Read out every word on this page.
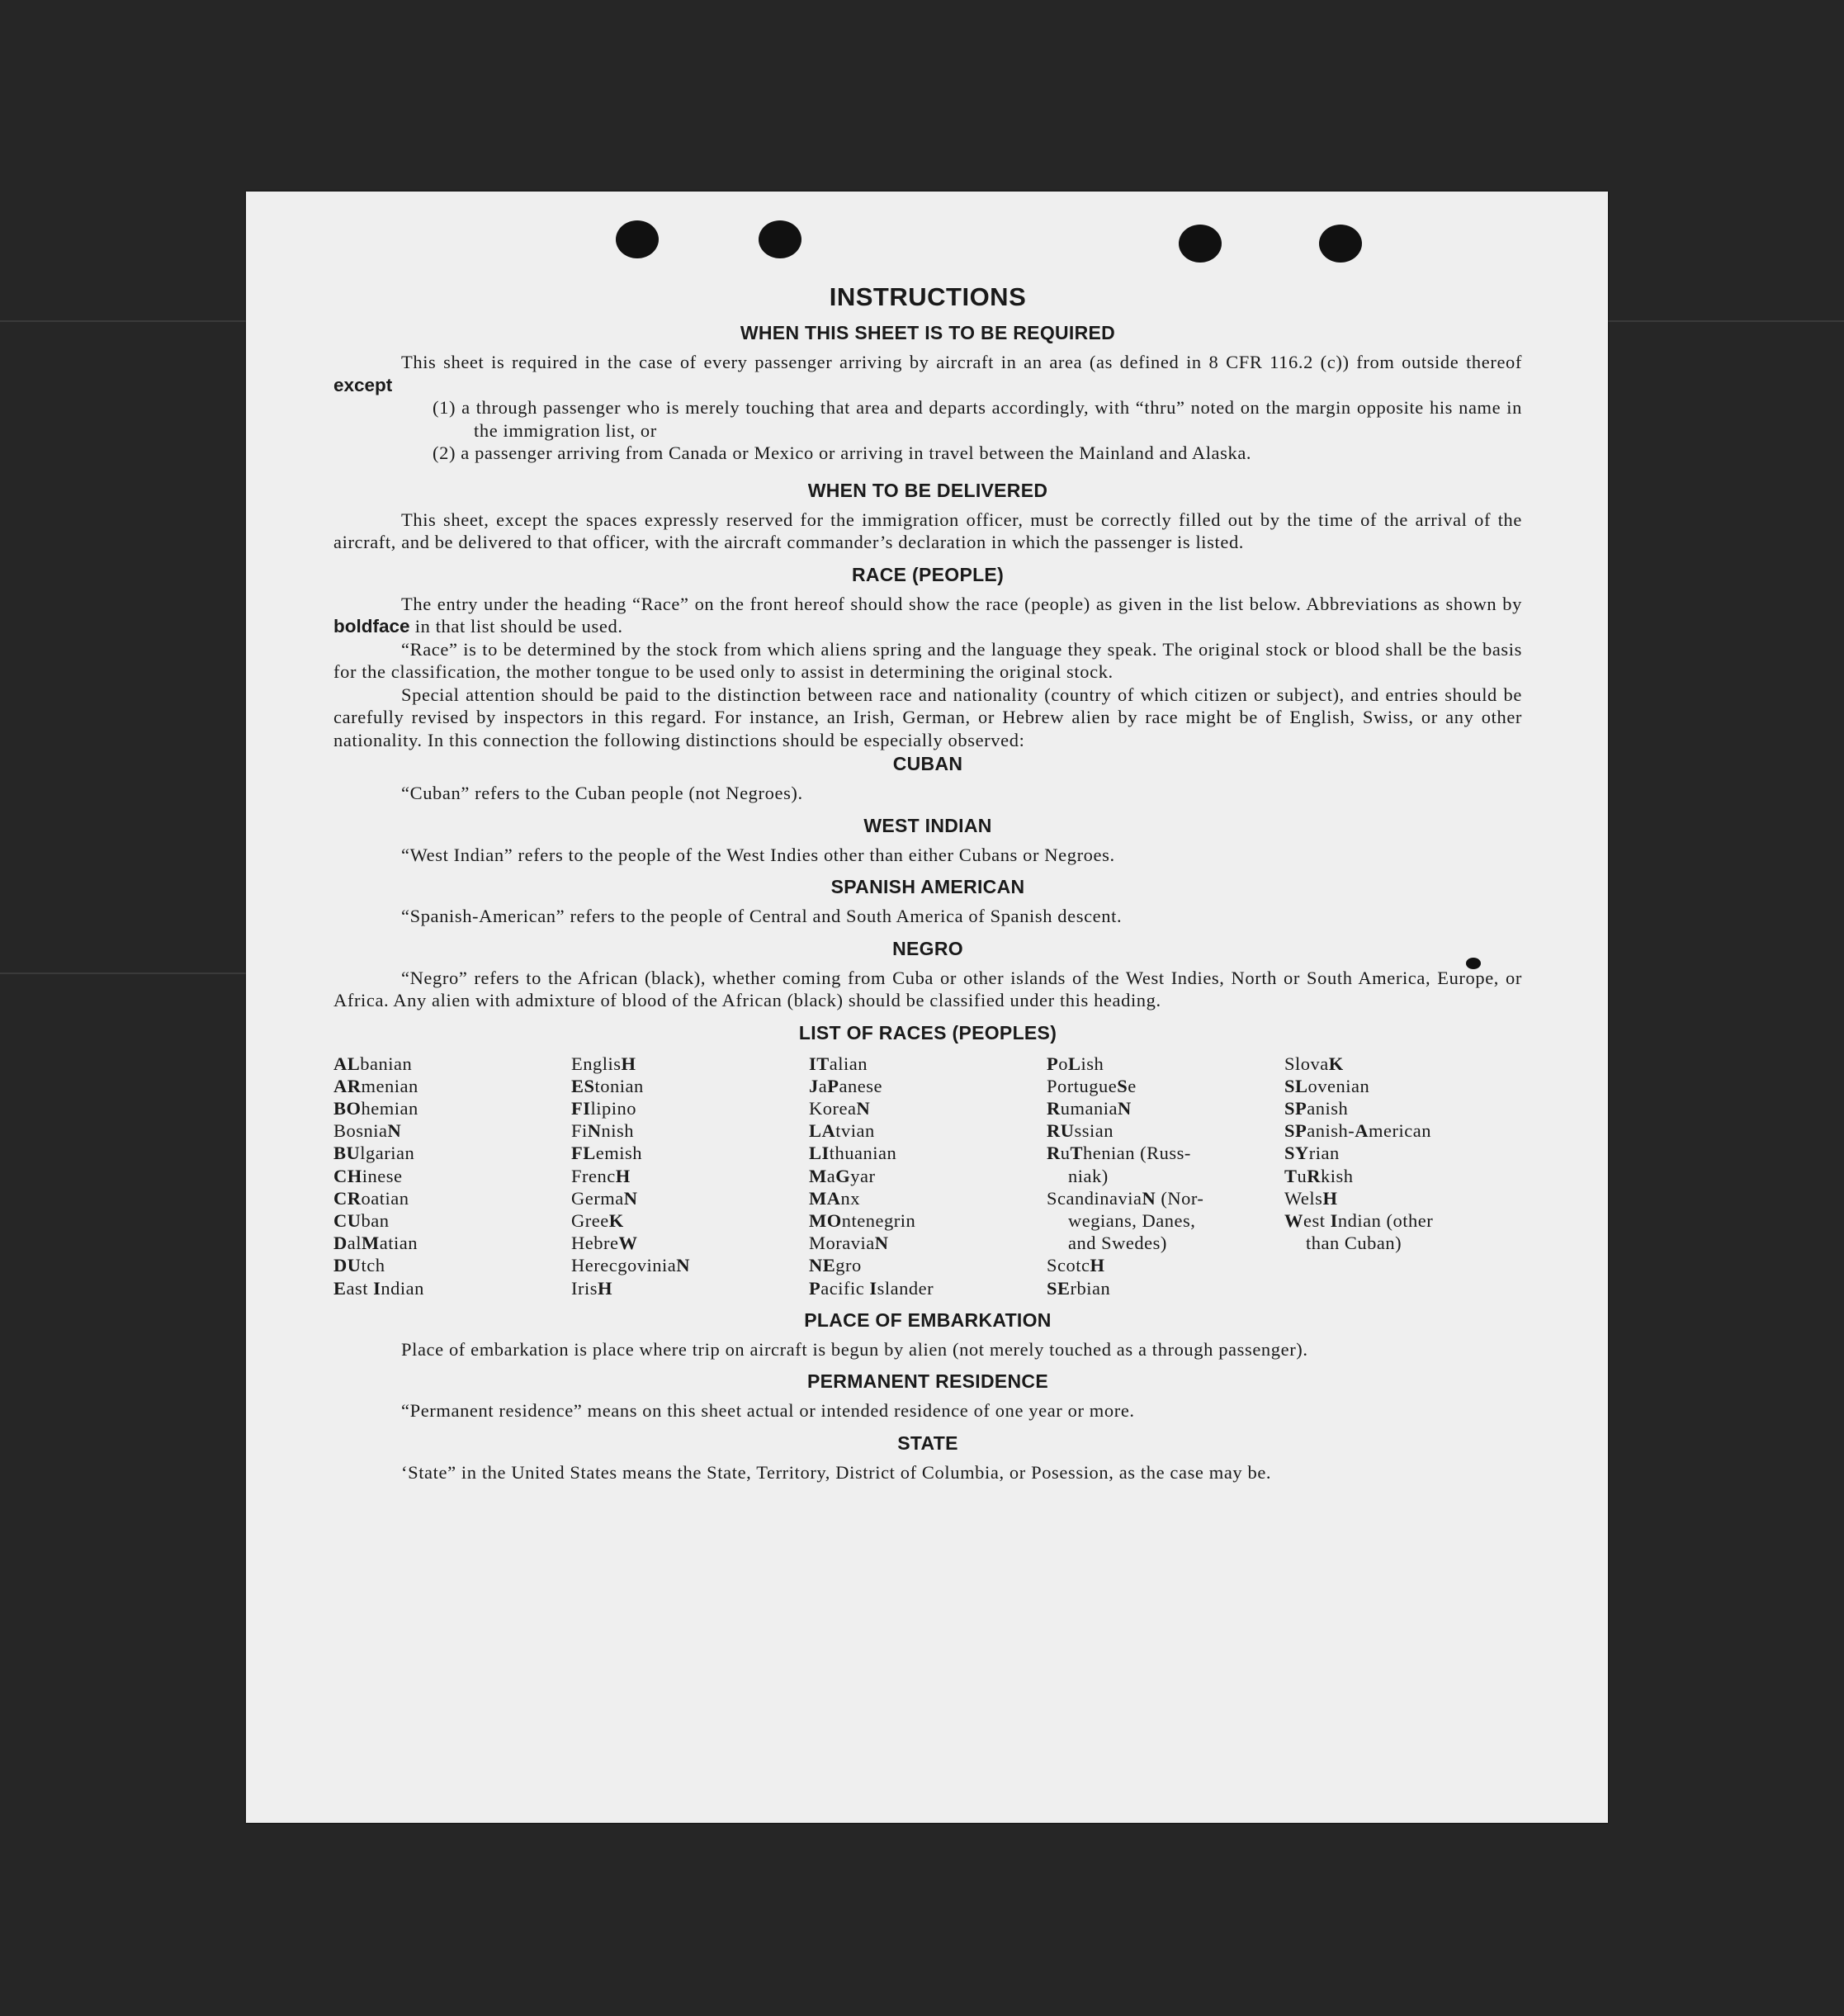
INSTRUCTIONS
WHEN THIS SHEET IS TO BE REQUIRED

This sheet is required in the case of every passenger arriving by aircraft in an area (as defined in 8 CFR 116.2 (c)) from outside thereof except

(1) a through passenger who is merely touching that area and departs accordingly, with “thru” noted on the margin opposite his name in the immigration list, or

(2) a passenger arriving from Canada or Mexico or arriving in travel between the Mainland and Alaska.

WHEN TO BE DELIVERED

This sheet, except the spaces expressly reserved for the immigration officer, must be correctly filled out by the time of the arrival of the aircraft, and be delivered to that officer, with the aircraft commander’s declaration in which the passenger is listed.

RACE (PEOPLE)

The entry under the heading “Race” on the front hereof should show the race (people) as given in the list below. Abbreviations as shown by boldface in that list should be used.

“Race” is to be determined by the stock from which aliens spring and the language they speak. The original stock or blood shall be the basis for the classification, the mother tongue to be used only to assist in determining the original stock.

Special attention should be paid to the distinction between race and nationality (country of which citizen or subject), and entries should be carefully revised by inspectors in this regard. For instance, an Irish, German, or Hebrew alien by race might be of English, Swiss, or any other nationality. In this connection the following distinctions should be especially observed:

CUBAN

“Cuban” refers to the Cuban people (not Negroes).

WEST INDIAN

“West Indian” refers to the people of the West Indies other than either Cubans or Negroes.

SPANISH AMERICAN

“Spanish-American” refers to the people of Central and South America of Spanish descent.

NEGRO

“Negro” refers to the African (black), whether coming from Cuba or other islands of the West Indies, North or South America, Europe, or Africa. Any alien with admixture of blood of the African (black) should be classified under this heading.

LIST OF RACES (PEOPLES)
ALbanian
ARmenian
BOhemian
BosniaN
BUlgarian
CHinese
CRoatian
CUban
DalMatian
DUtch
East Indian
EnglisH
EStonian
FIlipino
FiNnish
FLemish
FrencH
GermaN
GreeK
HebreW
HerecgoviniaN
IrisH
ITalian
JaPanese
KoreaN
LAtvian
LIthuanian
MaGyar
MAnx
MOntenegrin
MoraviaN
NEgro
Pacific Islander
PoLish
PortugueSe
RumaniaN
RUssian
RuThenian (Russ-
niak)
ScandinaviaN (Nor-
wegians, Danes,
and Swedes)
ScotcH
SErbian
SlovaK
SLovenian
SPanish
SPanish-American
SYrian
TuRkish
WelsH
West Indian (other
than Cuban)
PLACE OF EMBARKATION

Place of embarkation is place where trip on aircraft is begun by alien (not merely touched as a through passenger).

PERMANENT RESIDENCE

“Permanent residence” means on this sheet actual or intended residence of one year or more.

STATE

‘State” in the United States means the State, Territory, District of Columbia, or Posession, as the case may be.
